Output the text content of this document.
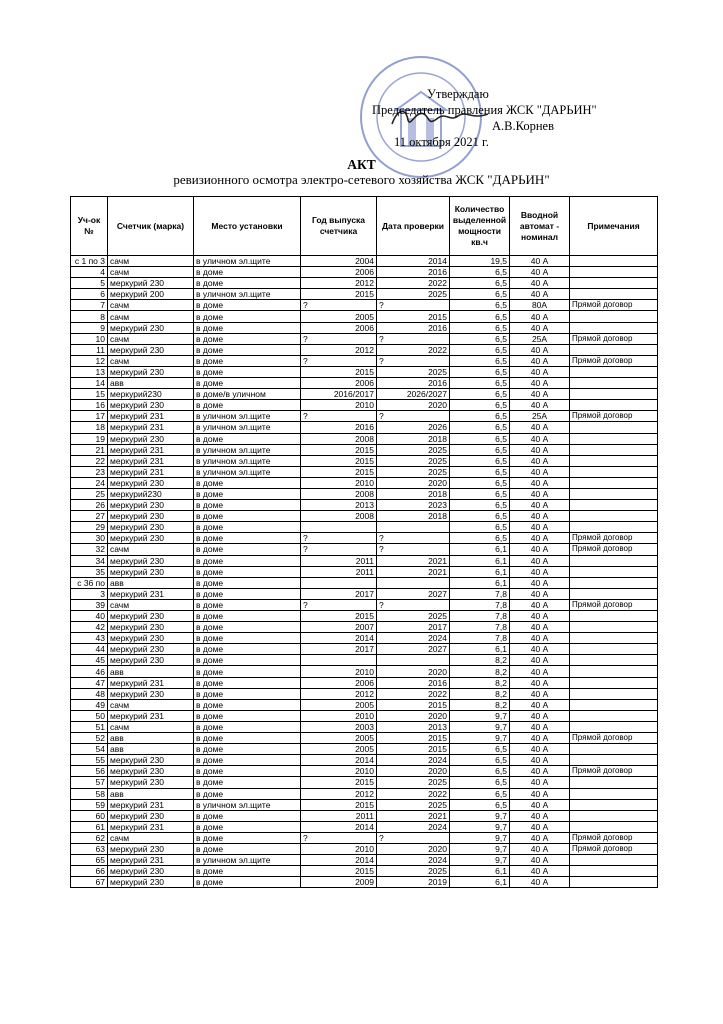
Утверждаю
Председатель правления ЖСК "ДАРЬИН"
А.В.Корнев
11 октября 2021 г.
АКТ
ревизионного осмотра электро-сетевого хозяйства ЖСК "ДАРЬИН"
Уч-ок №	Счетчик (марка)	Место установки	Год выпуска счетчика	Дата проверки	Количество выделенной мощности кв.ч	Вводной автомат - номинал	Примечания
с 1 по 3	сачм	в уличном эл.щите	2004	2014	19,5	40 А	
4	сачм	в доме	2006	2016	6,5	40 А	
5	меркурий 230	в доме	2012	2022	6,5	40 А	
6	меркурий 200	в уличном эл.щите	2015	2025	6,5	40 А	
7	сачм	в доме	?	?	6,5	80А	Прямой договор
8	сачм	в доме	2005	2015	6,5	40 А	
9	меркурий 230	в доме	2006	2016	6,5	40 А	
10	сачм	в доме	?	?	6,5	25А	Прямой договор
11	меркурий 230	в доме	2012	2022	6,5	40 А	
12	сачм	в доме	?	?	6,5	40 А	Прямой договор
13	меркурий 230	в доме	2015	2025	6,5	40 А	
14	авв	в доме	2006	2016	6,5	40 А	
15	меркурий230	в доме/в уличном	2016/2017	2026/2027	6,5	40 А	
16	меркурий 230	в доме	2010	2020	6,5	40 А	
17	меркурий 231	в уличном эл.щите	?	?	6,5	25А	Прямой договор
18	меркурий 231	в уличном эл.щите	2016	2026	6,5	40 А	
19	меркурий 230	в доме	2008	2018	6,5	40 А	
21	меркурий 231	в уличном эл.щите	2015	2025	6,5	40 А	
22	меркурий 231	в уличном эл.щите	2015	2025	6,5	40 А	
23	меркурий 231	в уличном эл.щите	2015	2025	6,5	40 А	
24	меркурий 230	в доме	2010	2020	6,5	40 А	
25	меркурий230	в доме	2008	2018	6,5	40 А	
26	меркурий 230	в доме	2013	2023	6,5	40 А	
27	меркурий 230	в доме	2008	2018	6,5	40 А	
29	меркурий 230	в доме			6,5	40 А	
30	меркурий 230	в доме	?	?	6,5	40 А	Прямой договор
32	сачм	в доме	?	?	6,1	40 А	Прямой договор
34	меркурий 230	в доме	2011	2021	6,1	40 А	
35	меркурий 230	в доме	2011	2021	6,1	40 А	
с 36 по	авв	в доме			6,1	40 А	
3	меркурий 231	в доме	2017	2027	7,8	40 А	
39	сачм	в доме	?	?	7,8	40 А	Прямой договор
40	меркурий 230	в доме	2015	2025	7,8	40 А	
42	меркурий 230	в доме	2007	2017	7,8	40 А	
43	меркурий 230	в доме	2014	2024	7,8	40 А	
44	меркурий 230	в доме	2017	2027	6,1	40 А	
45	меркурий 230	в доме			8,2	40 А	
46	авв	в доме	2010	2020	8,2	40 А	
47	меркурий 231	в доме	2006	2016	8,2	40 А	
48	меркурий 230	в доме	2012	2022	8,2	40 А	
49	сачм	в доме	2005	2015	8,2	40 А	
50	меркурий 231	в доме	2010	2020	9,7	40 А	
51	сачм	в доме	2003	2013	9,7	40 А	
52	авв	в доме	2005	2015	9,7	40 А	Прямой договор
54	авв	в доме	2005	2015	6,5	40 А	
55	меркурий 230	в доме	2014	2024	6,5	40 А	
56	меркурий 230	в доме	2010	2020	6,5	40 А	Прямой договор
57	меркурий 230	в доме	2015	2025	6,5	40 А	
58	авв	в доме	2012	2022	6,5	40 А	
59	меркурий 231	в уличном эл.щите	2015	2025	6,5	40 А	
60	меркурий 230	в доме	2011	2021	9,7	40 А	
61	меркурий 231	в доме	2014	2024	9,7	40 А	
62	сачм	в доме	?	?	9,7	40 А	Прямой договор
63	меркурий 230	в доме	2010	2020	9,7	40 А	Прямой договор
65	меркурий 231	в уличном эл.щите	2014	2024	9,7	40 А	
66	меркурий 230	в доме	2015	2025	6,1	40 А	
67	меркурий 230	в доме	2009	2019	6,1	40 А	
